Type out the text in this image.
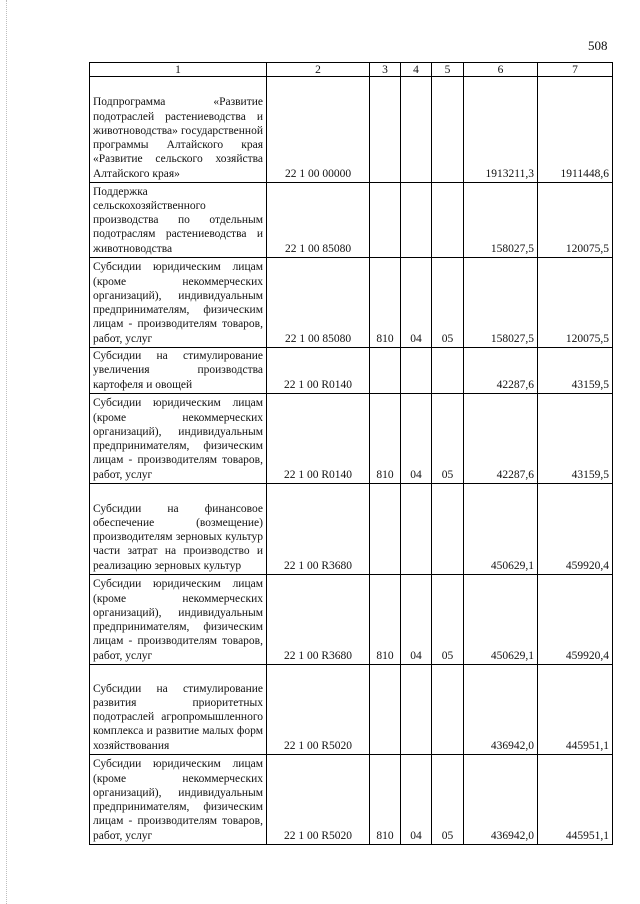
508
1	2	3	4	5	6	7
Подпрограмма «Развитие подотраслей растениеводства и животноводства» государственной программы Алтайского края «Развитие сельского хозяйства Алтайского края»	22 1 00 00000				1913211,3	1911448,6
Поддержка сельскохозяйственного производства по отдельным подотраслям растениеводства и животноводства	22 1 00 85080				158027,5	120075,5
Субсидии юридическим лицам (кроме некоммерческих организаций), индивидуальным предпринимателям, физическим лицам - производителям товаров, работ, услуг	22 1 00 85080	810	04	05	158027,5	120075,5
Субсидии на стимулирование увеличения производства картофеля и овощей	22 1 00 R0140				42287,6	43159,5
Субсидии юридическим лицам (кроме некоммерческих организаций), индивидуальным предпринимателям, физическим лицам - производителям товаров, работ, услуг	22 1 00 R0140	810	04	05	42287,6	43159,5
Субсидии на финансовое обеспечение (возмещение) производителям зерновых культур части затрат на производство и реализацию зерновых культур	22 1 00 R3680				450629,1	459920,4
Субсидии юридическим лицам (кроме некоммерческих организаций), индивидуальным предпринимателям, физическим лицам - производителям товаров, работ, услуг	22 1 00 R3680	810	04	05	450629,1	459920,4
Субсидии на стимулирование развития приоритетных подотраслей агропромышленного комплекса и развитие малых форм хозяйствования	22 1 00 R5020				436942,0	445951,1
Субсидии юридическим лицам (кроме некоммерческих организаций), индивидуальным предпринимателям, физическим лицам - производителям товаров, работ, услуг	22 1 00 R5020	810	04	05	436942,0	445951,1
